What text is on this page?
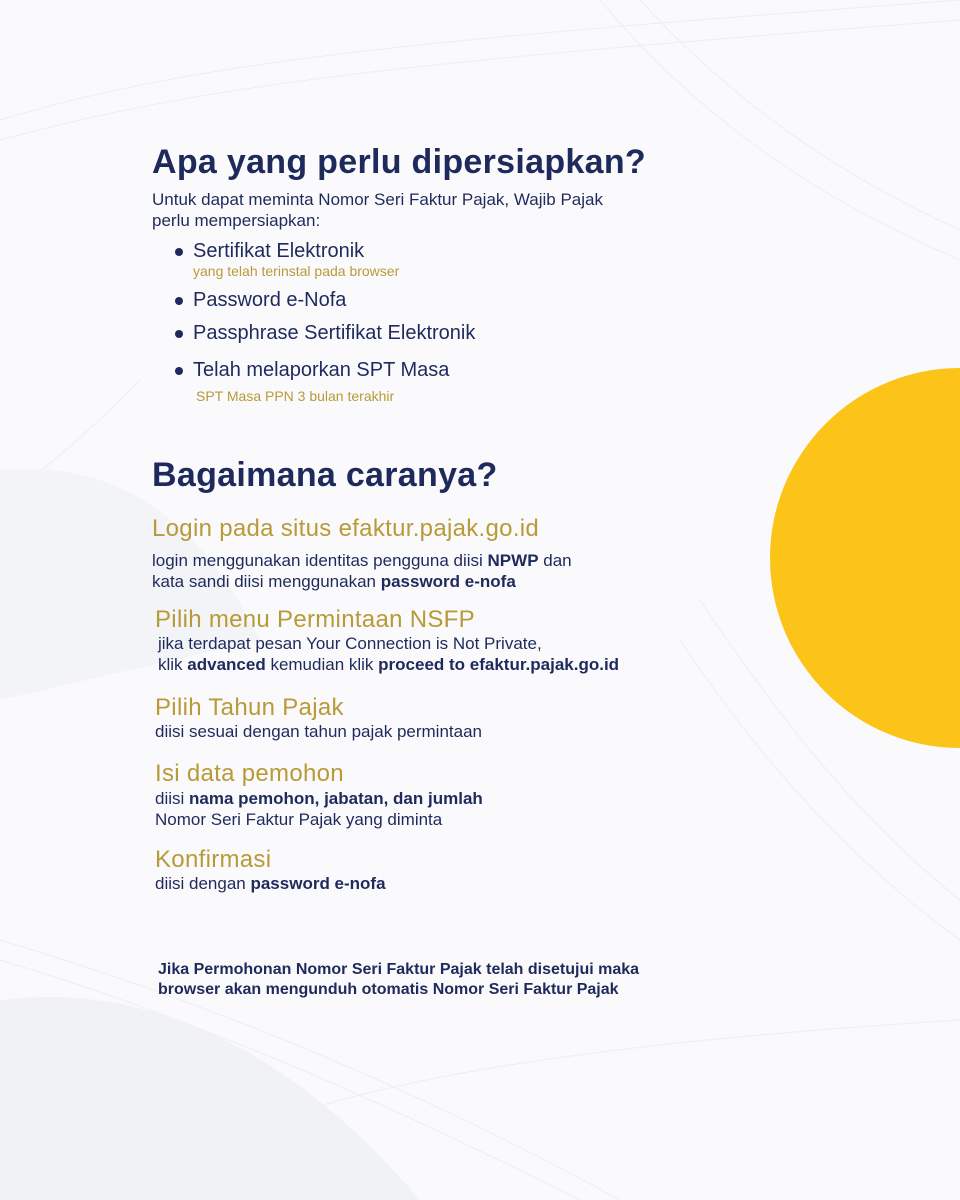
Apa yang perlu dipersiapkan?
Untuk dapat meminta Nomor Seri Faktur Pajak, Wajib Pajak
perlu mempersiapkan:
Sertifikat Elektronik
yang telah terinstal pada browser
Password e-Nofa
Passphrase Sertifikat Elektronik
Telah melaporkan SPT Masa
SPT Masa PPN 3 bulan terakhir
Bagaimana caranya?
Login pada situs efaktur.pajak.go.id
login menggunakan identitas pengguna diisi NPWP dan
kata sandi diisi menggunakan password e-nofa
Pilih menu Permintaan NSFP
jika terdapat pesan Your Connection is Not Private,
klik advanced kemudian klik proceed to efaktur.pajak.go.id
Pilih Tahun Pajak
diisi sesuai dengan tahun pajak permintaan
Isi data pemohon
diisi nama pemohon, jabatan, dan jumlah
Nomor Seri Faktur Pajak yang diminta
Konfirmasi
diisi dengan password e-nofa
Jika Permohonan Nomor Seri Faktur Pajak telah disetujui maka
browser akan mengunduh otomatis Nomor Seri Faktur Pajak
